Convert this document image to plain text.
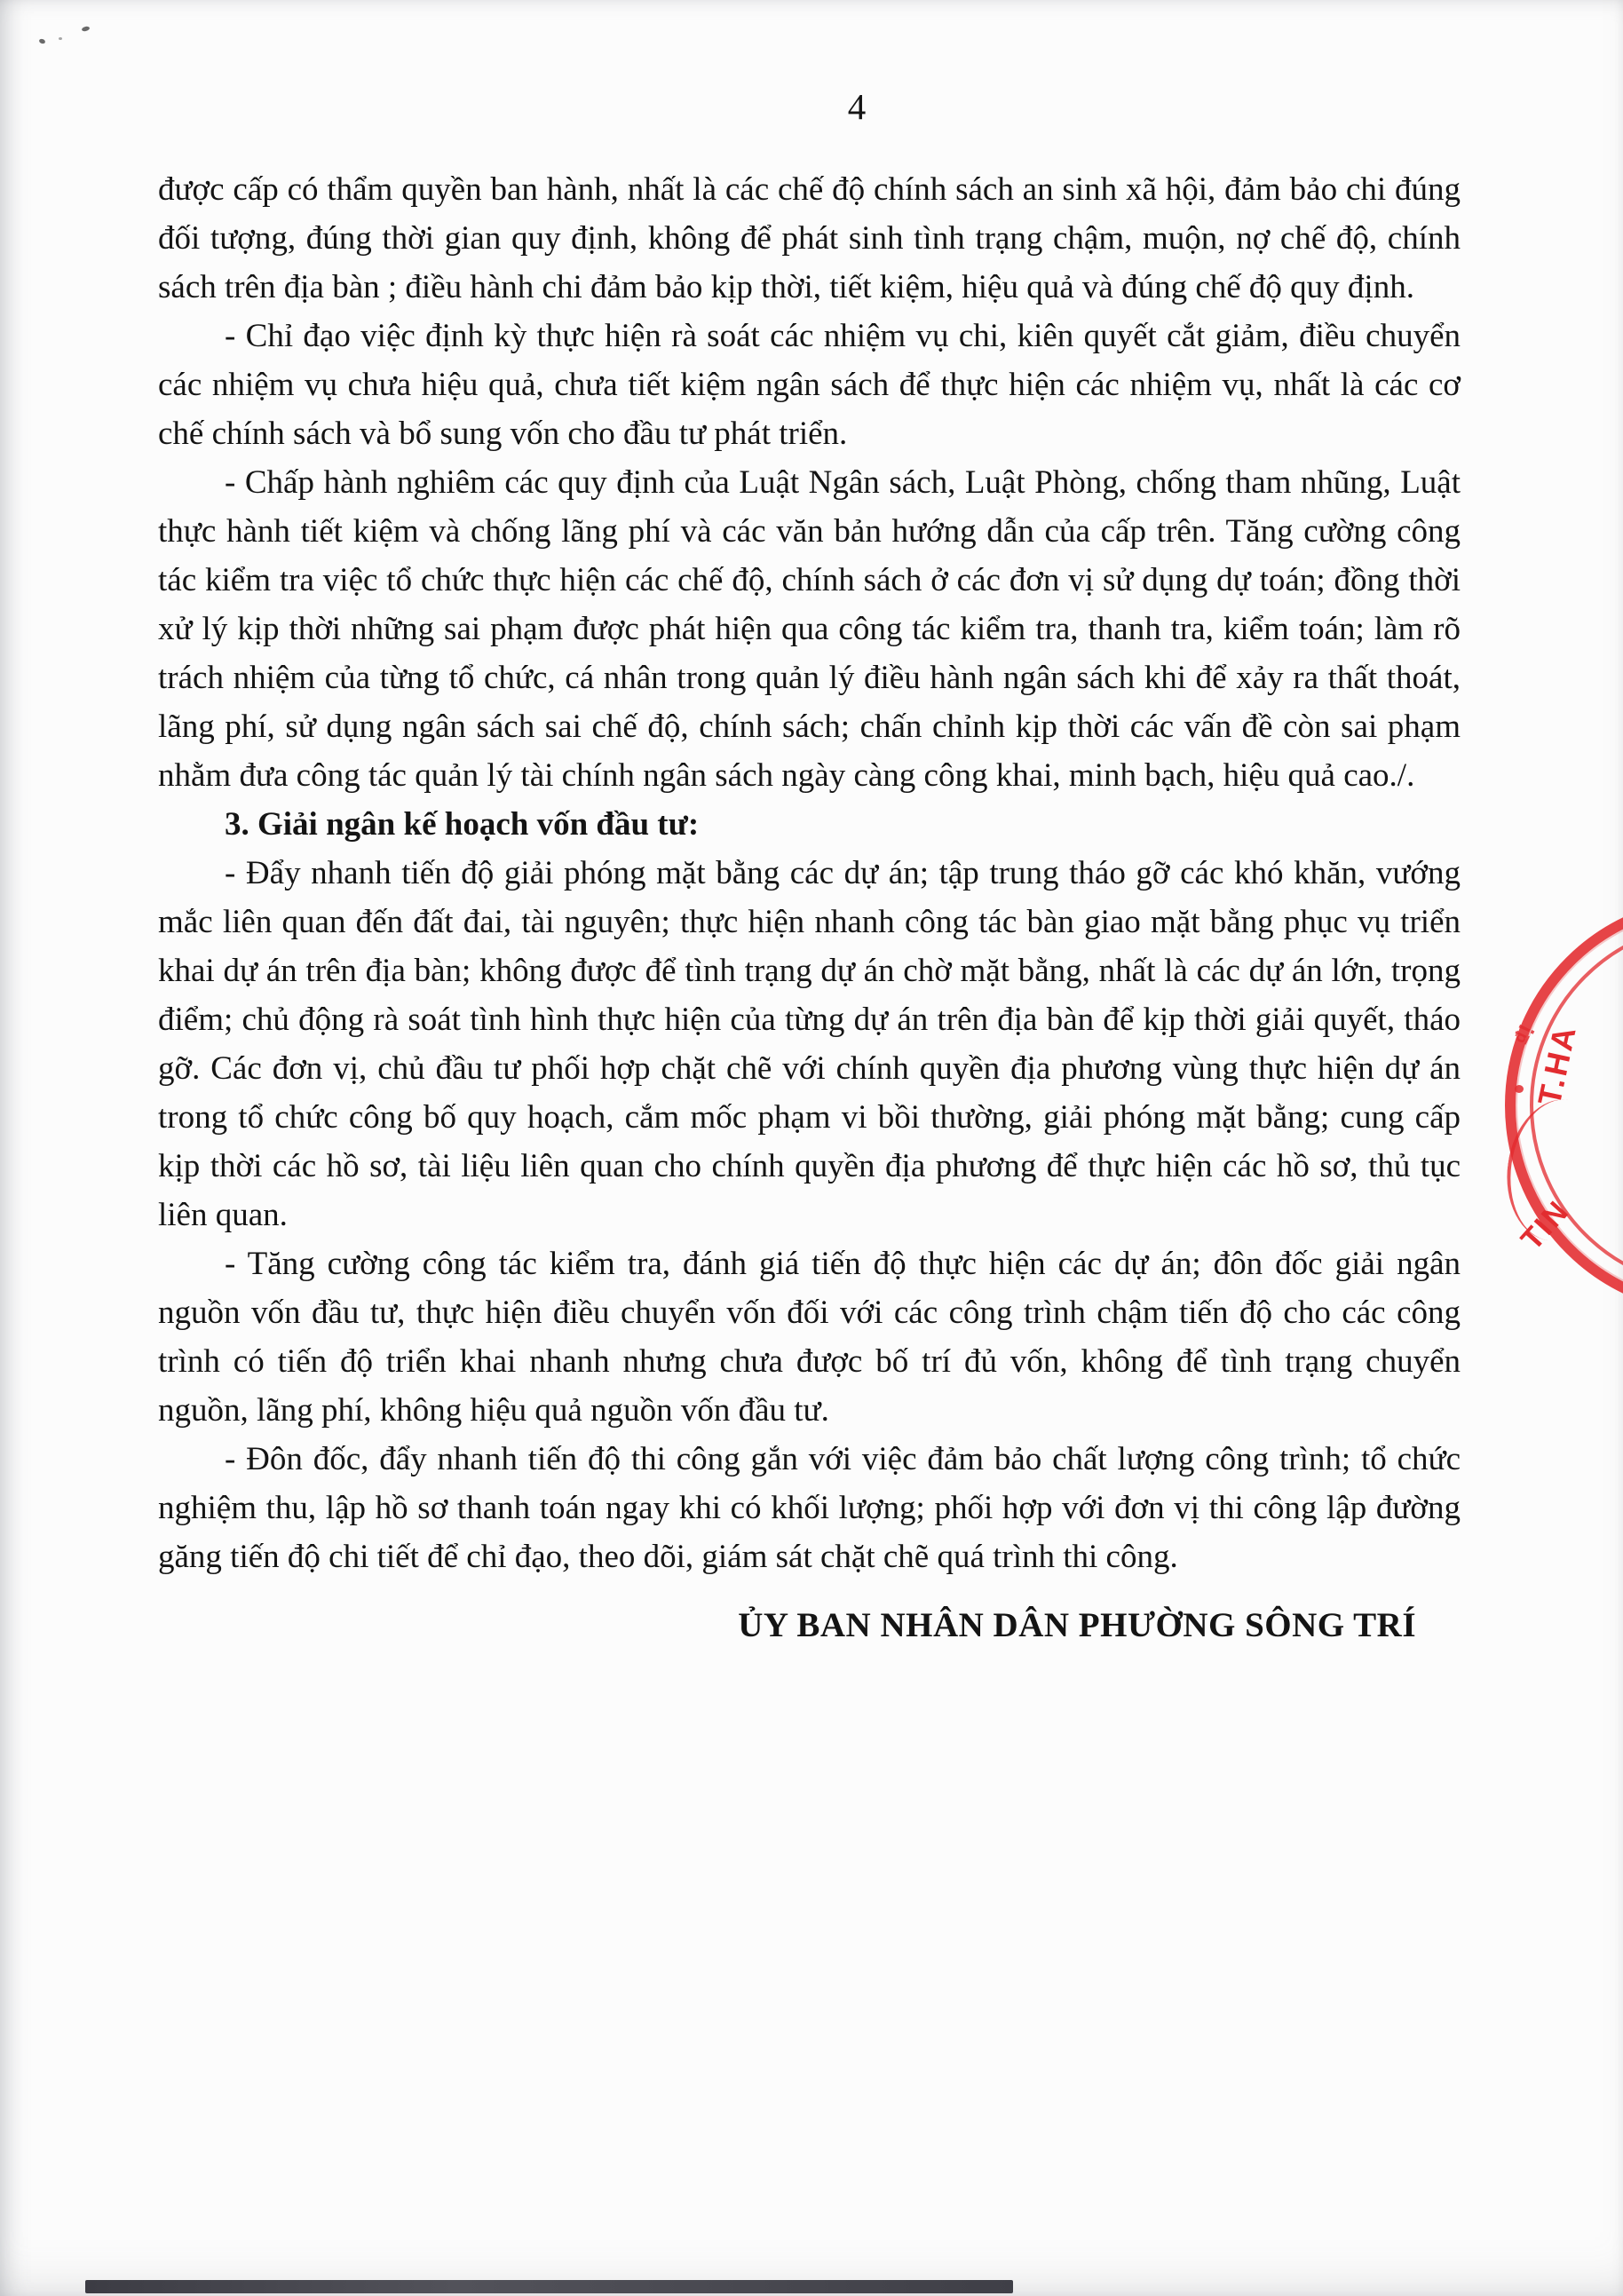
4

được cấp có thẩm quyền ban hành, nhất là các chế độ chính sách an sinh xã hội, đảm bảo chi đúng đối tượng, đúng thời gian quy định, không để phát sinh tình trạng chậm, muộn, nợ chế độ, chính sách trên địa bàn ; điều hành chi đảm bảo kịp thời, tiết kiệm, hiệu quả và đúng chế độ quy định.

- Chỉ đạo việc định kỳ thực hiện rà soát các nhiệm vụ chi, kiên quyết cắt giảm, điều chuyển các nhiệm vụ chưa hiệu quả, chưa tiết kiệm ngân sách để thực hiện các nhiệm vụ, nhất là các cơ chế chính sách và bổ sung vốn cho đầu tư phát triển.

- Chấp hành nghiêm các quy định của Luật Ngân sách, Luật Phòng, chống tham nhũng, Luật thực hành tiết kiệm và chống lãng phí và các văn bản hướng dẫn của cấp trên. Tăng cường công tác kiểm tra việc tổ chức thực hiện các chế độ, chính sách ở các đơn vị sử dụng dự toán; đồng thời xử lý kịp thời những sai phạm được phát hiện qua công tác kiểm tra, thanh tra, kiểm toán; làm rõ trách nhiệm của từng tổ chức, cá nhân trong quản lý điều hành ngân sách khi để xảy ra thất thoát, lãng phí, sử dụng ngân sách sai chế độ, chính sách; chấn chỉnh kịp thời các vấn đề còn sai phạm nhằm đưa công tác quản lý tài chính ngân sách ngày càng công khai, minh bạch, hiệu quả cao./.

3. Giải ngân kế hoạch vốn đầu tư:

- Đẩy nhanh tiến độ giải phóng mặt bằng các dự án; tập trung tháo gỡ các khó khăn, vướng mắc liên quan đến đất đai, tài nguyên; thực hiện nhanh công tác bàn giao mặt bằng phục vụ triển khai dự án trên địa bàn; không được để tình trạng dự án chờ mặt bằng, nhất là các dự án lớn, trọng điểm; chủ động rà soát tình hình thực hiện của từng dự án trên địa bàn để kịp thời giải quyết, tháo gỡ. Các đơn vị, chủ đầu tư phối hợp chặt chẽ với chính quyền địa phương vùng thực hiện dự án trong tổ chức công bố quy hoạch, cắm mốc phạm vi bồi thường, giải phóng mặt bằng; cung cấp kịp thời các hồ sơ, tài liệu liên quan cho chính quyền địa phương để thực hiện các hồ sơ, thủ tục liên quan.

- Tăng cường công tác kiểm tra, đánh giá tiến độ thực hiện các dự án; đôn đốc giải ngân nguồn vốn đầu tư, thực hiện điều chuyển vốn đối với các công trình chậm tiến độ cho các công trình có tiến độ triển khai nhanh nhưng chưa được bố trí đủ vốn, không để tình trạng chuyển nguồn, lãng phí, không hiệu quả nguồn vốn đầu tư.

- Đôn đốc, đẩy nhanh tiến độ thi công gắn với việc đảm bảo chất lượng công trình; tổ chức nghiệm thu, lập hồ sơ thanh toán ngay khi có khối lượng; phối hợp với đơn vị thi công lập đường găng tiến độ chi tiết để chỉ đạo, theo dõi, giám sát chặt chẽ quá trình thi công.

ỦY BAN NHÂN DÂN PHƯỜNG SÔNG TRÍ
₫!
T.HA
TIN
